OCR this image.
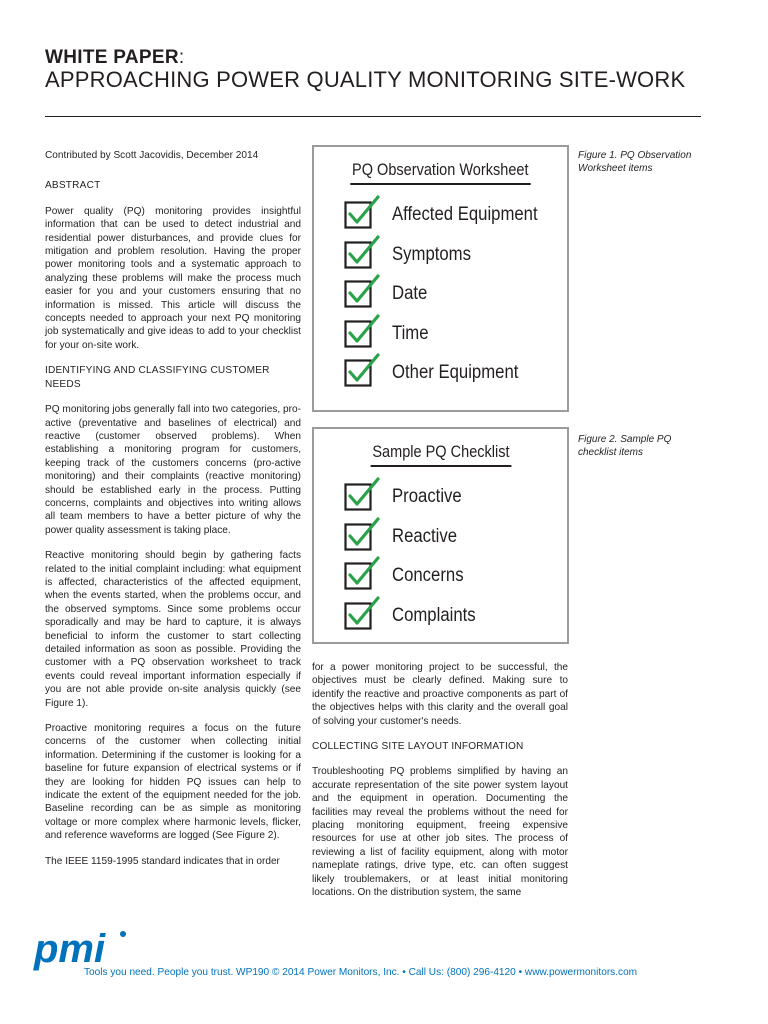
WHITE PAPER:
APPROACHING POWER QUALITY MONITORING SITE-WORK

Contributed by Scott Jacovidis, December 2014

ABSTRACT

Power quality (PQ) monitoring provides insightful information that can be used to detect industrial and residential power disturbances, and provide clues for mitigation and problem resolution. Having the proper power monitoring tools and a systematic approach to analyzing these problems will make the process much easier for you and your customers ensuring that no information is missed. This article will discuss the concepts needed to approach your next PQ monitoring job systematically and give ideas to add to your checklist for your on-site work.

IDENTIFYING AND CLASSIFYING CUSTOMER NEEDS

PQ monitoring jobs generally fall into two categories, pro-active (preventative and baselines of electrical) and reactive (customer observed problems). When establishing a monitoring program for customers, keeping track of the customers concerns (pro-active monitoring) and their complaints (reactive monitoring) should be established early in the process. Putting concerns, complaints and objectives into writing allows all team members to have a better picture of why the power quality assessment is taking place.

Reactive monitoring should begin by gathering facts related to the initial complaint including: what equipment is affected, characteristics of the affected equipment, when the events started, when the problems occur, and the observed symptoms. Since some problems occur sporadically and may be hard to capture, it is always beneficial to inform the customer to start collecting detailed information as soon as possible. Providing the customer with a PQ observation worksheet to track events could reveal important information especially if you are not able provide on-site analysis quickly (see Figure 1).

Proactive monitoring requires a focus on the future concerns of the customer when collecting initial information. Determining if the customer is looking for a baseline for future expansion of electrical systems or if they are looking for hidden PQ issues can help to indicate the extent of the equipment needed for the job. Baseline recording can be as simple as monitoring voltage or more complex where harmonic levels, flicker, and reference waveforms are logged (See Figure 2).

The IEEE 1159-1995 standard indicates that in order

PQ Observation Worksheet
Affected Equipment
Symptoms
Date
Time
Other Equipment
Figure 1. PQ Observation Worksheet items
Sample PQ Checklist
Proactive
Reactive
Concerns
Complaints
Figure 2. Sample PQ checklist items

for a power monitoring project to be successful, the objectives must be clearly defined. Making sure to identify the reactive and proactive components as part of the objectives helps with this clarity and the overall goal of solving your customer's needs.

COLLECTING SITE LAYOUT INFORMATION

Troubleshooting PQ problems simplified by having an accurate representation of the site power system layout and the equipment in operation. Documenting the facilities may reveal the problems without the need for placing monitoring equipment, freeing expensive resources for use at other job sites. The process of reviewing a list of facility equipment, along with motor nameplate ratings, drive type, etc. can often suggest likely troublemakers, or at least initial monitoring locations. On the distribution system, the same

pmi
Tools you need. People you trust. WP190 © 2014 Power Monitors, Inc. • Call Us: (800) 296-4120 • www.powermonitors.com
